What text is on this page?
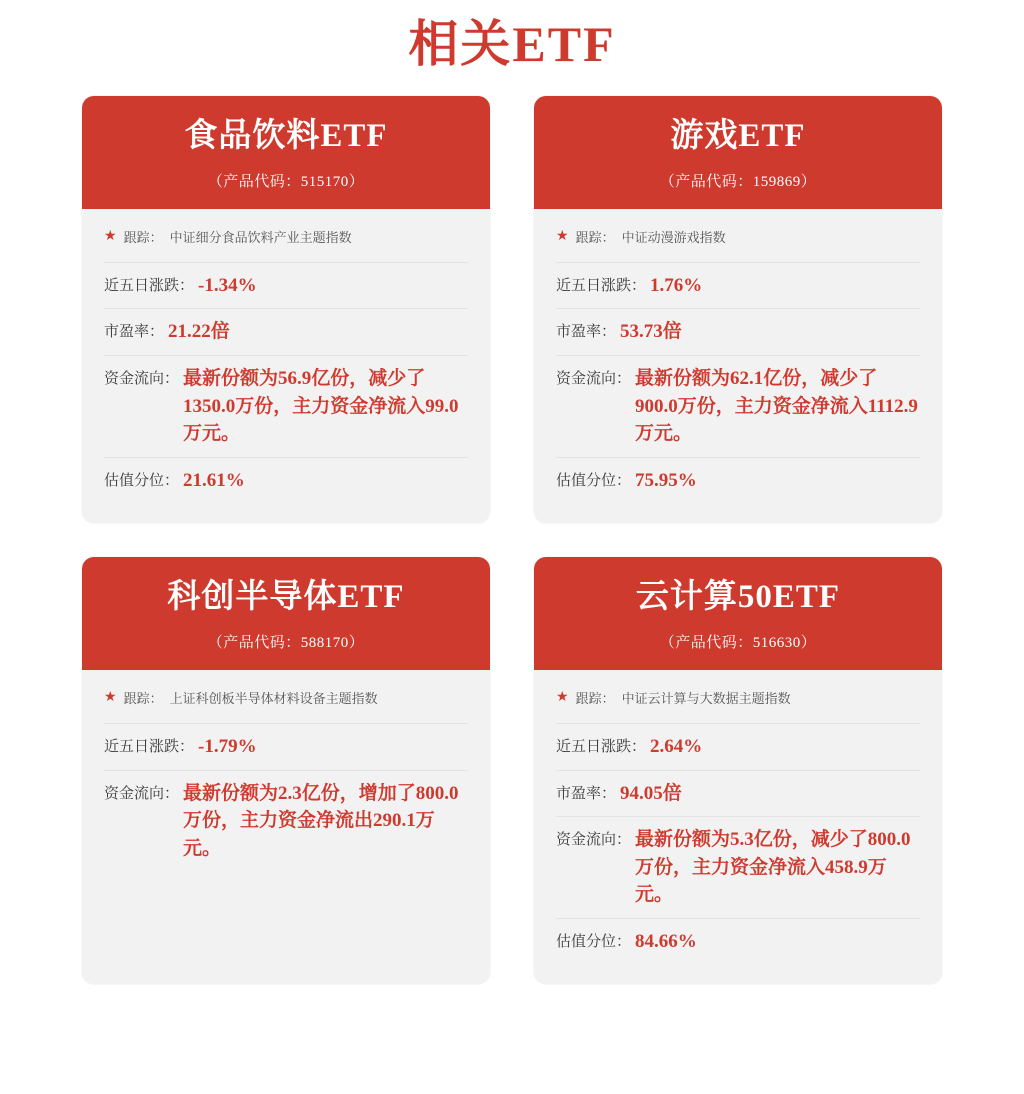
相关ETF
食品饮料ETF
（产品代码：515170）
★ 跟踪： 中证细分食品饮料产业主题指数
近五日涨跌： -1.34%
市盈率： 21.22倍
资金流向： 最新份额为56.9亿份，减少了1350.0万份，主力资金净流入99.0万元。
估值分位： 21.61%
游戏ETF
（产品代码：159869）
★ 跟踪： 中证动漫游戏指数
近五日涨跌： 1.76%
市盈率： 53.73倍
资金流向： 最新份额为62.1亿份，减少了900.0万份，主力资金净流入1112.9万元。
估值分位： 75.95%
科创半导体ETF
（产品代码：588170）
★ 跟踪： 上证科创板半导体材料设备主题指数
近五日涨跌： -1.79%
资金流向： 最新份额为2.3亿份，增加了800.0万份，主力资金净流出290.1万元。
云计算50ETF
（产品代码：516630）
★ 跟踪： 中证云计算与大数据主题指数
近五日涨跌： 2.64%
市盈率： 94.05倍
资金流向： 最新份额为5.3亿份，减少了800.0万份，主力资金净流入458.9万元。
估值分位： 84.66%
